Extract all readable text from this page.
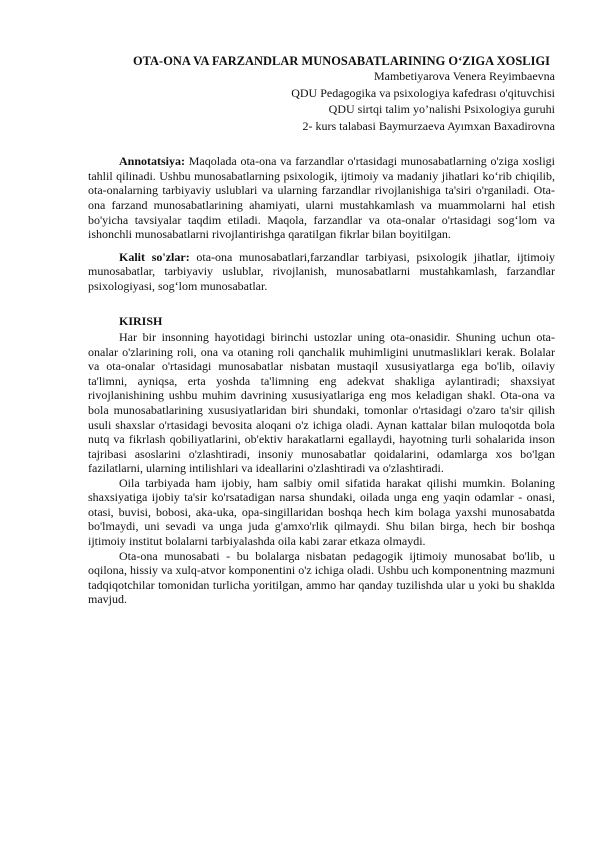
OTA-ONA VA FARZANDLAR MUNOSABATLARINING O‘ZIGA XOSLIGI
Mambetiyarova Venera Reyimbaevna
QDU Pedagogika va psixologiya kafedrası o'qituvchisi
QDU sirtqi talim yo’nalishi Psixologiya guruhi
2- kurs talabasi Baymurzaeva Ayımxan Baxadirovna

Annotatsiya: Maqolada ota-ona va farzandlar o'rtasidagi munosabatlarning o'ziga xosligi tahlil qilinadi. Ushbu munosabatlarning psixologik, ijtimoiy va madaniy jihatlari ko‘rib chiqilib, ota-onalarning tarbiyaviy uslublari va ularning farzandlar rivojlanishiga ta'siri o'rganiladi. Ota-ona farzand munosabatlarining ahamiyati, ularni mustahkamlash va muammolarni hal etish bo'yicha tavsiyalar taqdim etiladi. Maqola, farzandlar va ota-onalar o'rtasidagi sog‘lom va ishonchli munosabatlarni rivojlantirishga qaratilgan fikrlar bilan boyitilgan.

Kalit so'zlar: ota-ona munosabatlari,farzandlar tarbiyasi, psixologik jihatlar, ijtimoiy munosabatlar, tarbiyaviy uslublar, rivojlanish, munosabatlarni mustahkamlash, farzandlar psixologiyasi, sog‘lom munosabatlar.

KIRISH

Har bir insonning hayotidagi birinchi ustozlar uning ota-onasidir. Shuning uchun ota-onalar o'zlarining roli, ona va otaning roli qanchalik muhimligini unutmasliklari kerak. Bolalar va ota-onalar o'rtasidagi munosabatlar nisbatan mustaqil xususiyatlarga ega bo'lib, oilaviy ta'limni, ayniqsa, erta yoshda ta'limning eng adekvat shakliga aylantiradi; shaxsiyat rivojlanishining ushbu muhim davrining xususiyatlariga eng mos keladigan shakl. Ota-ona va bola munosabatlarining xususiyatlaridan biri shundaki, tomonlar o'rtasidagi o'zaro ta'sir qilish usuli shaxslar o'rtasidagi bevosita aloqani o'z ichiga oladi. Aynan kattalar bilan muloqotda bola nutq va fikrlash qobiliyatlarini, ob'ektiv harakatlarni egallaydi, hayotning turli sohalarida inson tajribasi asoslarini o'zlashtiradi, insoniy munosabatlar qoidalarini, odamlarga xos bo'lgan fazilatlarni, ularning intilishlari va ideallarini o'zlashtiradi va o'zlashtiradi.

Oila tarbiyada ham ijobiy, ham salbiy omil sifatida harakat qilishi mumkin. Bolaning shaxsiyatiga ijobiy ta'sir ko'rsatadigan narsa shundaki, oilada unga eng yaqin odamlar - onasi, otasi, buvisi, bobosi, aka-uka, opa-singillaridan boshqa hech kim bolaga yaxshi munosabatda bo'lmaydi, uni sevadi va unga juda g'amxo'rlik qilmaydi. Shu bilan birga, hech bir boshqa ijtimoiy institut bolalarni tarbiyalashda oila kabi zarar etkaza olmaydi.

Ota-ona munosabati - bu bolalarga nisbatan pedagogik ijtimoiy munosabat bo'lib, u oqilona, hissiy va xulq-atvor komponentini o'z ichiga oladi. Ushbu uch komponentning mazmuni tadqiqotchilar tomonidan turlicha yoritilgan, ammo har qanday tuzilishda ular u yoki bu shaklda mavjud.
